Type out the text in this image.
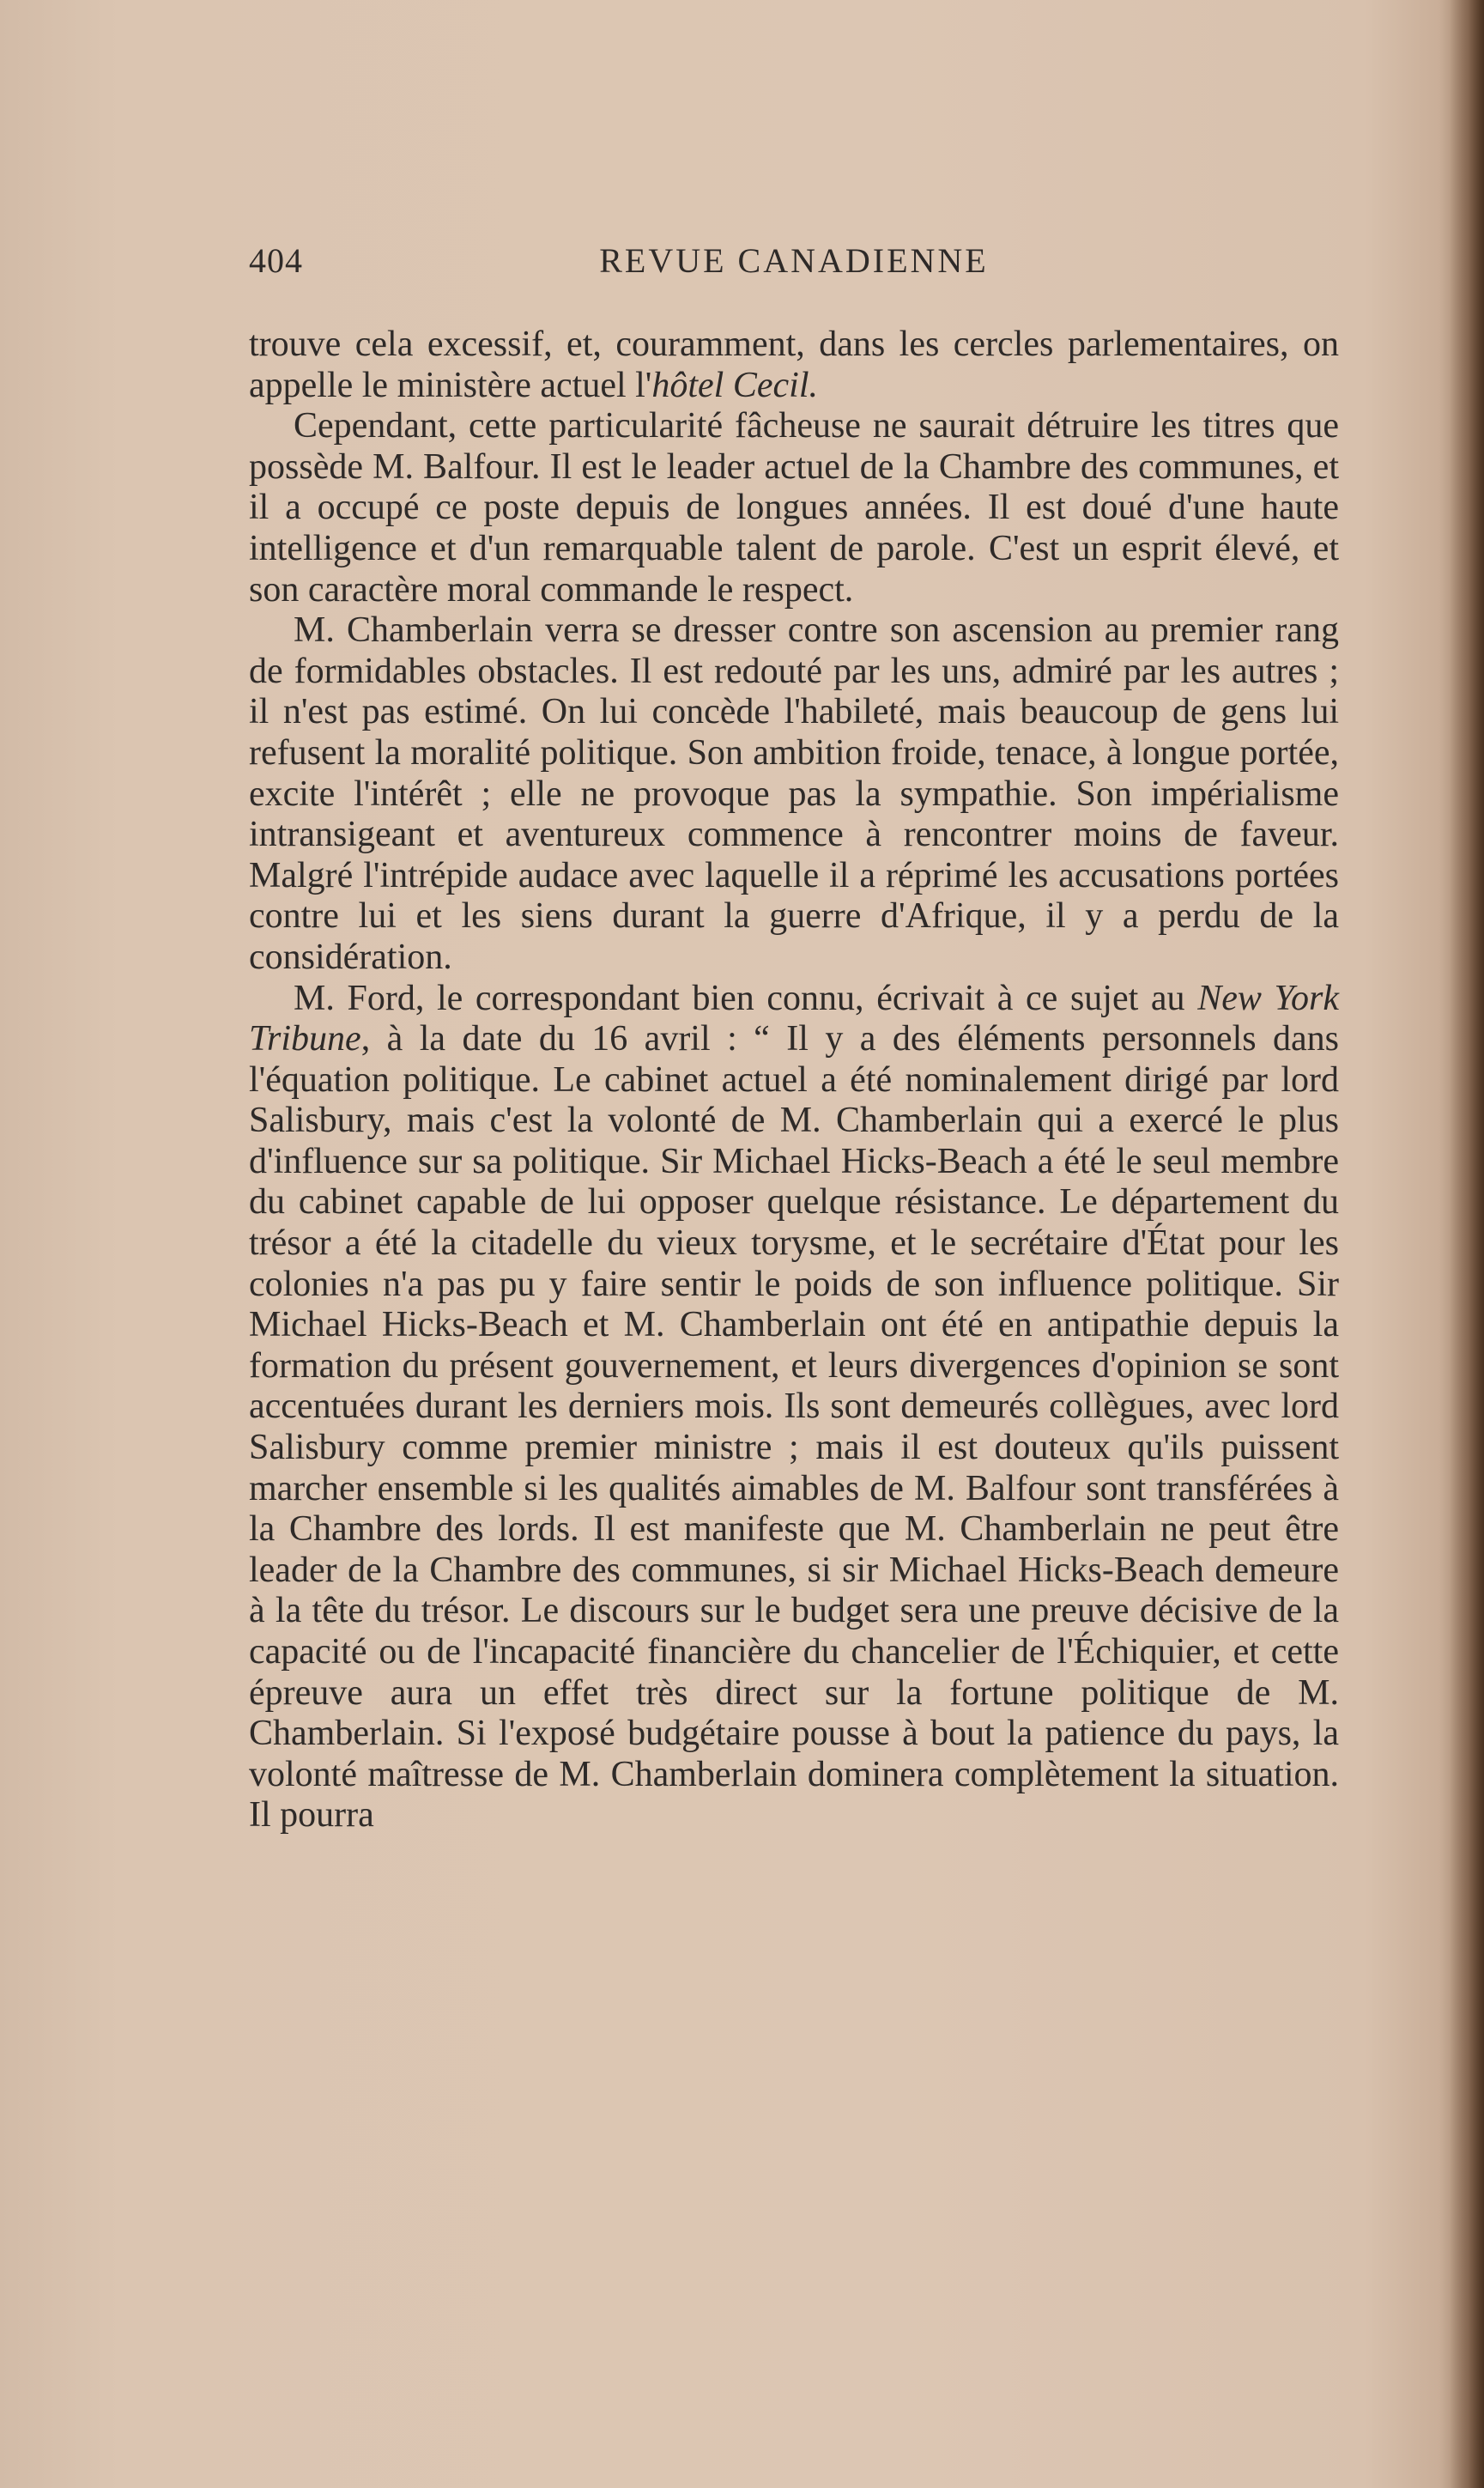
404	REVUE CANADIENNE

trouve cela excessif, et, couramment, dans les cercles parlementaires, on appelle le ministère actuel l'hôtel Cecil.

Cependant, cette particularité fâcheuse ne saurait détruire les titres que possède M. Balfour. Il est le leader actuel de la Chambre des communes, et il a occupé ce poste depuis de longues années. Il est doué d'une haute intelligence et d'un remarquable talent de parole. C'est un esprit élevé, et son caractère moral commande le respect.

M. Chamberlain verra se dresser contre son ascension au premier rang de formidables obstacles. Il est redouté par les uns, admiré par les autres ; il n'est pas estimé. On lui concède l'habileté, mais beaucoup de gens lui refusent la moralité politique. Son ambition froide, tenace, à longue portée, excite l'intérêt ; elle ne provoque pas la sympathie. Son impérialisme intransigeant et aventureux commence à rencontrer moins de faveur. Malgré l'intrépide audace avec laquelle il a réprimé les accusations portées contre lui et les siens durant la guerre d'Afrique, il y a perdu de la considération.

M. Ford, le correspondant bien connu, écrivait à ce sujet au New York Tribune, à la date du 16 avril : “ Il y a des éléments personnels dans l'équation politique. Le cabinet actuel a été nominalement dirigé par lord Salisbury, mais c'est la volonté de M. Chamberlain qui a exercé le plus d'influence sur sa politique. Sir Michael Hicks-Beach a été le seul membre du cabinet capable de lui opposer quelque résistance. Le département du trésor a été la citadelle du vieux torysme, et le secrétaire d'État pour les colonies n'a pas pu y faire sentir le poids de son influence politique. Sir Michael Hicks-Beach et M. Chamberlain ont été en antipathie depuis la formation du présent gouvernement, et leurs divergences d'opinion se sont accentuées durant les derniers mois. Ils sont demeurés collègues, avec lord Salisbury comme premier ministre ; mais il est douteux qu'ils puissent marcher ensemble si les qualités aimables de M. Balfour sont transférées à la Chambre des lords. Il est manifeste que M. Chamberlain ne peut être leader de la Chambre des communes, si sir Michael Hicks-Beach demeure à la tête du trésor. Le discours sur le budget sera une preuve décisive de la capacité ou de l'incapacité financière du chancelier de l'Échiquier, et cette épreuve aura un effet très direct sur la fortune politique de M. Chamberlain. Si l'exposé budgétaire pousse à bout la patience du pays, la volonté maîtresse de M. Chamberlain dominera complètement la situation. Il pourra
